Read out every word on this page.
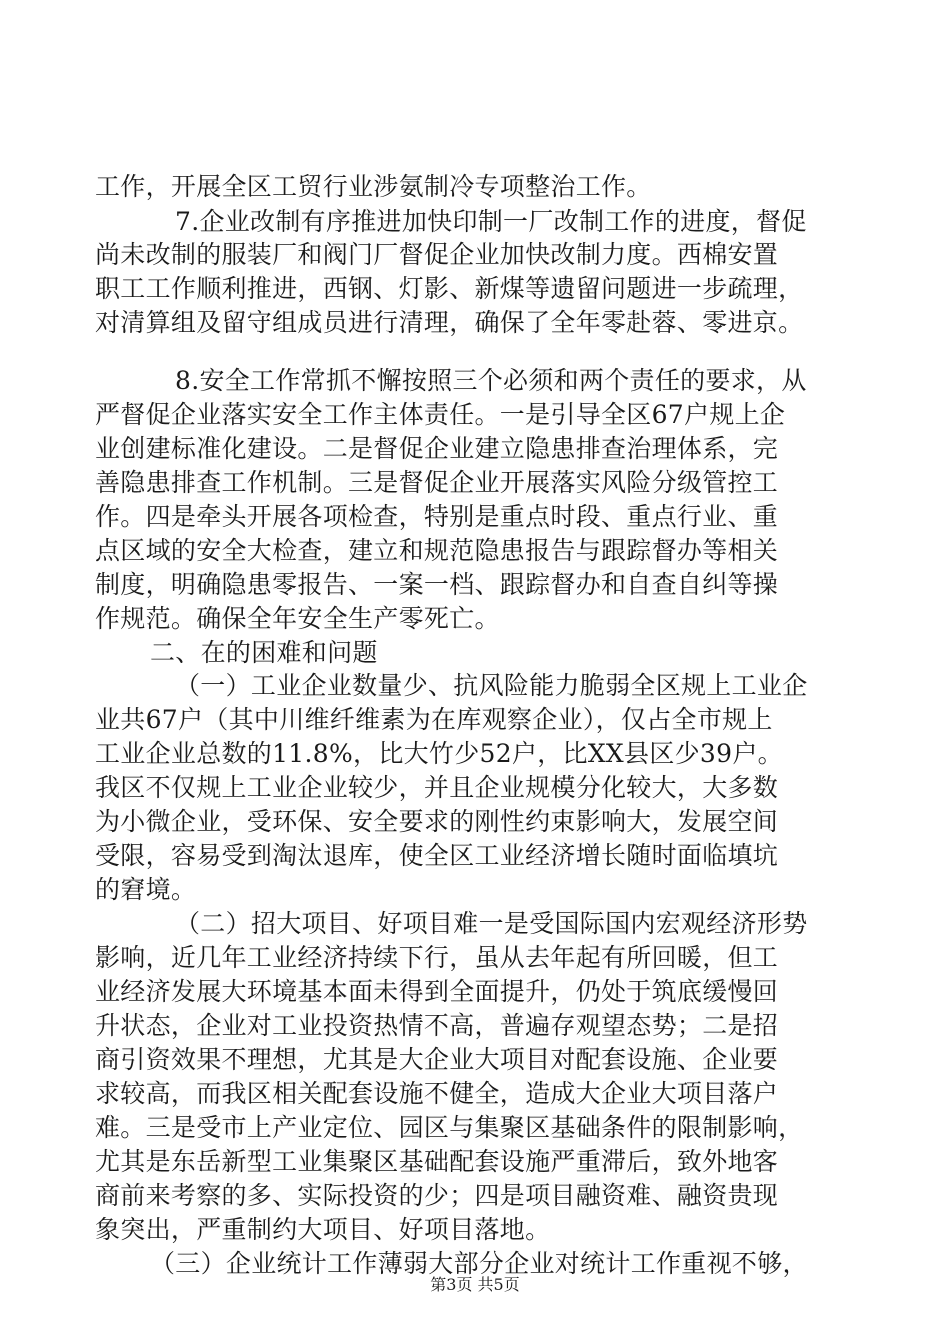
工作，开展全区工贸行业涉氨制冷专项整治工作。
7.企业改制有序推进加快印制一厂改制工作的进度，督促
尚未改制的服装厂和阀门厂督促企业加快改制力度。西棉安置
职工工作顺利推进，西钢、灯影、新煤等遗留问题进一步疏理，
对清算组及留守组成员进行清理，确保了全年零赴蓉、零进京。
8.安全工作常抓不懈按照三个必须和两个责任的要求，从
严督促企业落实安全工作主体责任。一是引导全区67户规上企
业创建标准化建设。二是督促企业建立隐患排查治理体系，完
善隐患排查工作机制。三是督促企业开展落实风险分级管控工
作。四是牵头开展各项检查，特别是重点时段、重点行业、重
点区域的安全大检查，建立和规范隐患报告与跟踪督办等相关
制度，明确隐患零报告、一案一档、跟踪督办和自查自纠等操
作规范。确保全年安全生产零死亡。
二、在的困难和问题
（一）工业企业数量少、抗风险能力脆弱全区规上工业企
业共67户（其中川维纤维素为在库观察企业），仅占全市规上
工业企业总数的11.8%，比大竹少52户，比XX县区少39户。
我区不仅规上工业企业较少，并且企业规模分化较大，大多数
为小微企业，受环保、安全要求的刚性约束影响大，发展空间
受限，容易受到淘汰退库，使全区工业经济增长随时面临填坑
的窘境。
（二）招大项目、好项目难一是受国际国内宏观经济形势
影响，近几年工业经济持续下行，虽从去年起有所回暖，但工
业经济发展大环境基本面未得到全面提升，仍处于筑底缓慢回
升状态，企业对工业投资热情不高，普遍存观望态势；二是招
商引资效果不理想，尤其是大企业大项目对配套设施、企业要
求较高，而我区相关配套设施不健全，造成大企业大项目落户
难。三是受市上产业定位、园区与集聚区基础条件的限制影响，
尤其是东岳新型工业集聚区基础配套设施严重滞后，致外地客
商前来考察的多、实际投资的少；四是项目融资难、融资贵现
象突出，严重制约大项目、好项目落地。
（三）企业统计工作薄弱大部分企业对统计工作重视不够，
第3页 共5页
